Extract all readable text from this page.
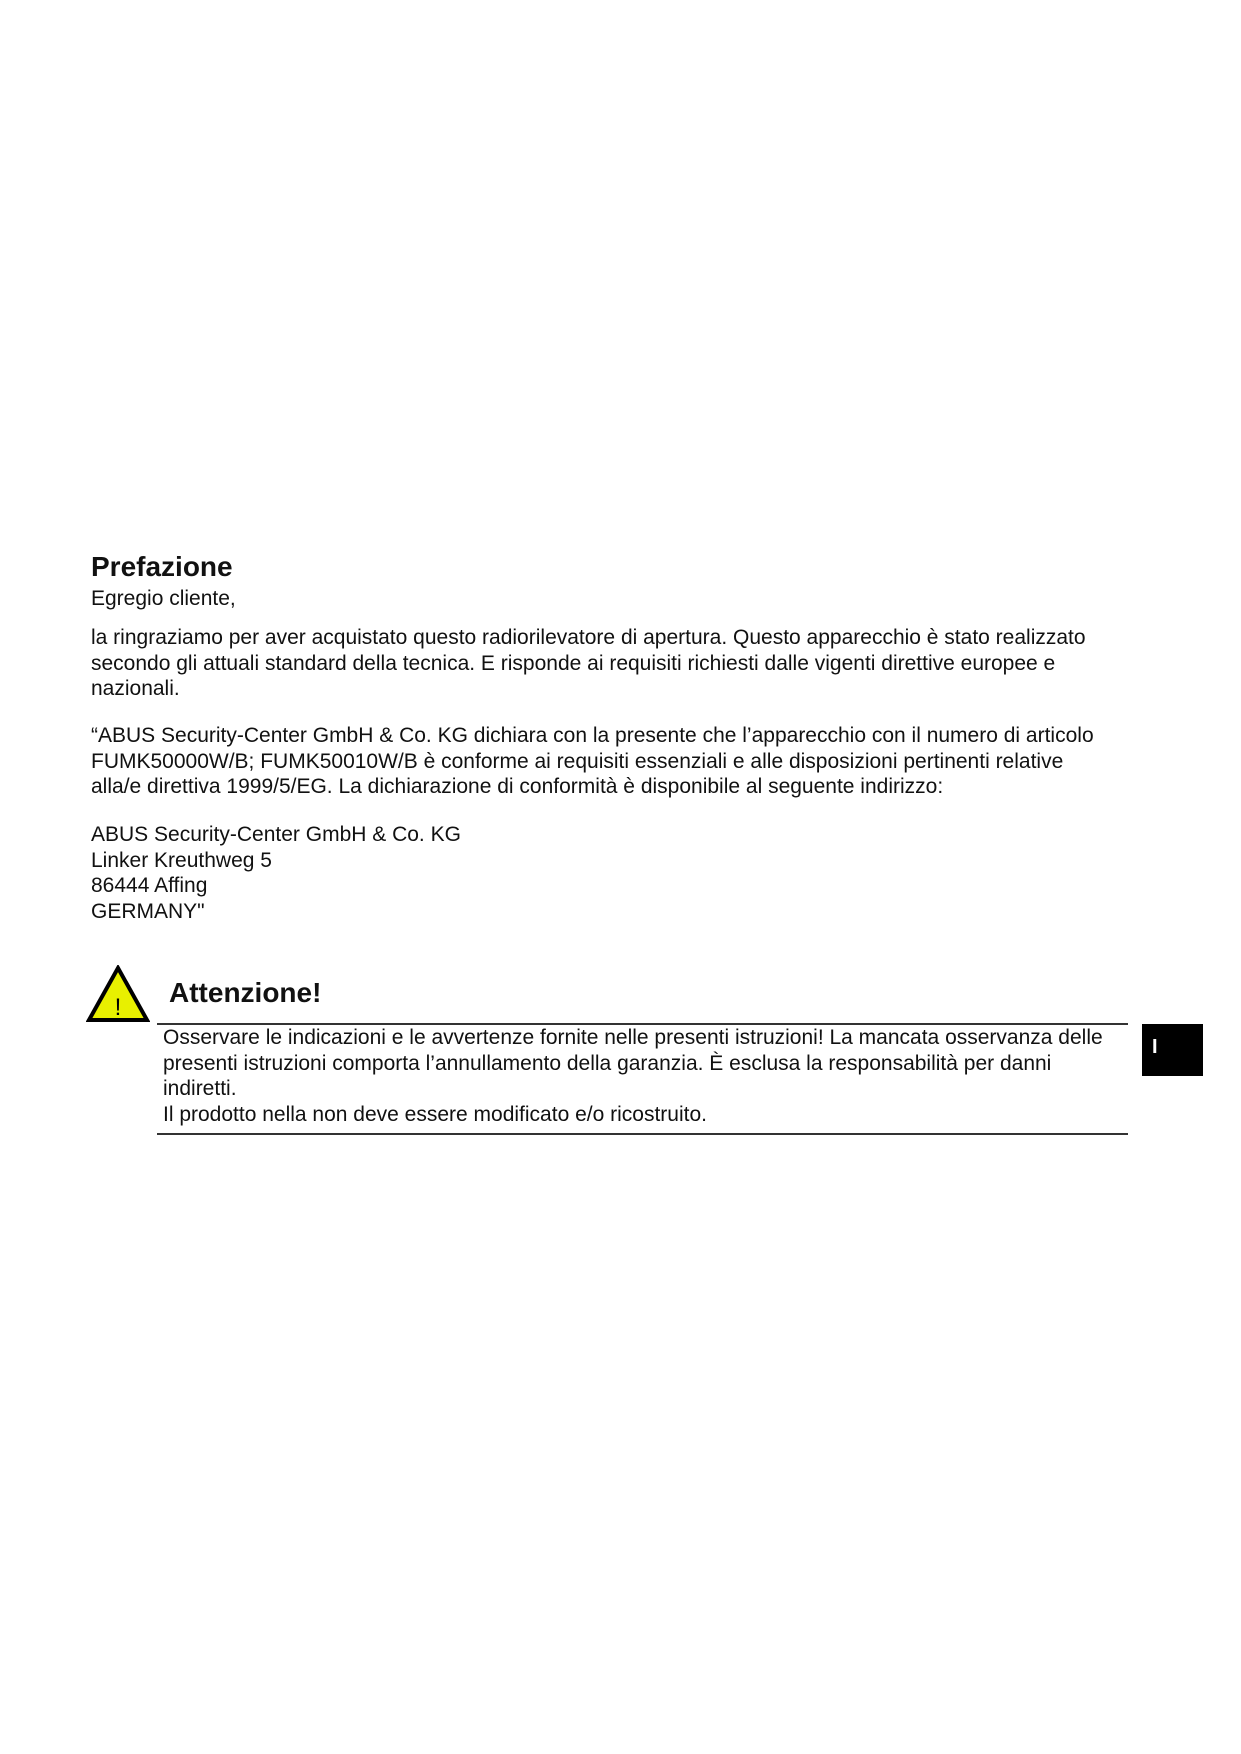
Prefazione

Egregio cliente,

la ringraziamo per aver acquistato questo radiorilevatore di apertura. Questo apparecchio è stato realizzato secondo gli attuali standard della tecnica. E risponde ai requisiti richiesti dalle vigenti direttive europee e nazionali.

“ABUS Security-Center GmbH & Co. KG dichiara con la presente che l’apparecchio con il numero di articolo FUMK50000W/B; FUMK50010W/B è conforme ai requisiti essenziali e alle disposizioni pertinenti relative alla/e direttiva 1999/5/EG. La dichiarazione di conformità è disponibile al seguente indirizzo:

ABUS Security-Center GmbH & Co. KG
Linker Kreuthweg 5
86444 Affing
GERMANY"
! Attenzione!

Osservare le indicazioni e le avvertenze fornite nelle presenti istruzioni! La mancata osservanza delle presenti istruzioni comporta l’annullamento della garanzia. È esclusa la responsabilità per danni indiretti.

Il prodotto nella non deve essere modificato e/o ricostruito.

I
